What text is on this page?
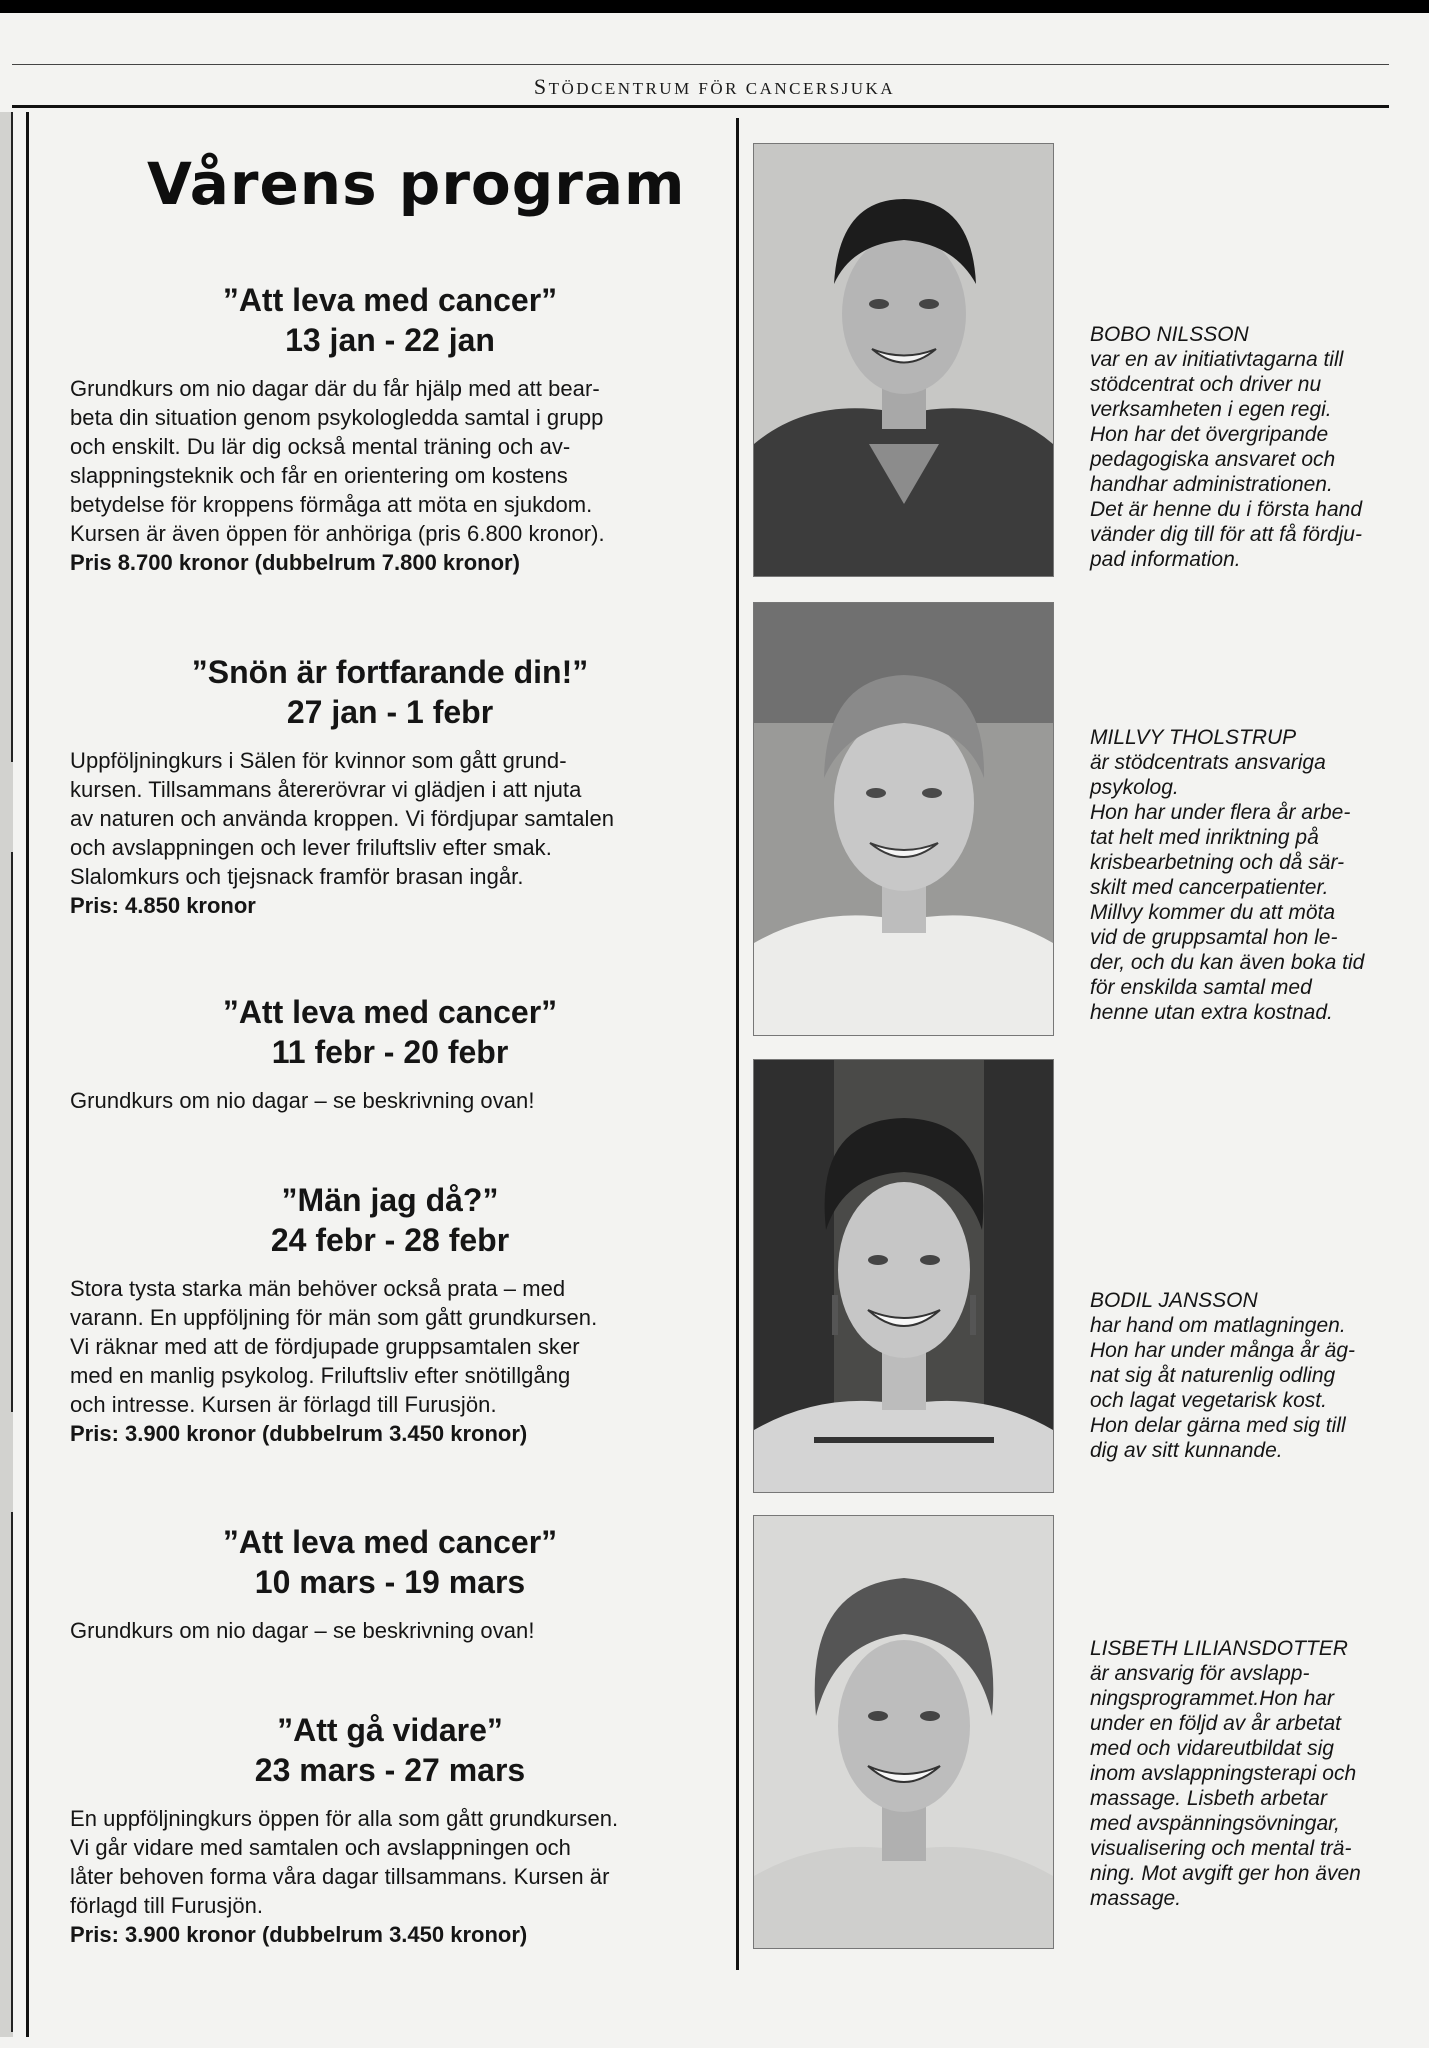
STÖDCENTRUM FÖR CANCERSJUKA
Vårens program
”Att leva med cancer”
13 jan - 22 jan
Grundkurs om nio dagar där du får hjälp med att bear-
beta din situation genom psykologledda samtal i grupp
och enskilt. Du lär dig också mental träning och av-
slappningsteknik och får en orientering om kostens
betydelse för kroppens förmåga att möta en sjukdom.
Kursen är även öppen för anhöriga (pris 6.800 kronor).
Pris 8.700 kronor (dubbelrum 7.800 kronor)
”Snön är fortfarande din!”
27 jan - 1 febr
Uppföljningkurs i Sälen för kvinnor som gått grund-
kursen. Tillsammans återerövrar vi glädjen i att njuta
av naturen och använda kroppen. Vi fördjupar samtalen
och avslappningen och lever friluftsliv efter smak.
Slalomkurs och tjejsnack framför brasan ingår.
Pris: 4.850 kronor
”Att leva med cancer”
11 febr - 20 febr
Grundkurs om nio dagar – se beskrivning ovan!
”Män jag då?”
24 febr - 28 febr
Stora tysta starka män behöver också prata – med
varann. En uppföljning för män som gått grundkursen.
Vi räknar med att de fördjupade gruppsamtalen sker
med en manlig psykolog. Friluftsliv efter snötillgång
och intresse. Kursen är förlagd till Furusjön.
Pris: 3.900 kronor (dubbelrum 3.450 kronor)
”Att leva med cancer”
10 mars - 19 mars
Grundkurs om nio dagar – se beskrivning ovan!
”Att gå vidare”
23 mars - 27 mars
En uppföljningkurs öppen för alla som gått grundkursen.
Vi går vidare med samtalen och avslappningen och
låter behoven forma våra dagar tillsammans. Kursen är
förlagd till Furusjön.
Pris: 3.900 kronor (dubbelrum 3.450 kronor)
BOBO NILSSON
var en av initiativtagarna till
stödcentrat och driver nu
verksamheten i egen regi.
Hon har det övergripande
pedagogiska ansvaret och
handhar administrationen.
Det är henne du i första hand
vänder dig till för att få fördju-
pad information.
MILLVY THOLSTRUP
är stödcentrats ansvariga
psykolog.
Hon har under flera år arbe-
tat helt med inriktning på
krisbearbetning och då sär-
skilt med cancerpatienter.
Millvy kommer du att möta
vid de gruppsamtal hon le-
der, och du kan även boka tid
för enskilda samtal med
henne utan extra kostnad.
BODIL JANSSON
har hand om matlagningen.
Hon har under många år äg-
nat sig åt naturenlig odling
och lagat vegetarisk kost.
Hon delar gärna med sig till
dig av sitt kunnande.
LISBETH LILIANSDOTTER
är ansvarig för avslapp-
ningsprogrammet.Hon har
under en följd av år arbetat
med och vidareutbildat sig
inom avslappningsterapi och
massage. Lisbeth arbetar
med avspänningsövningar,
visualisering och mental trä-
ning. Mot avgift ger hon även
massage.
